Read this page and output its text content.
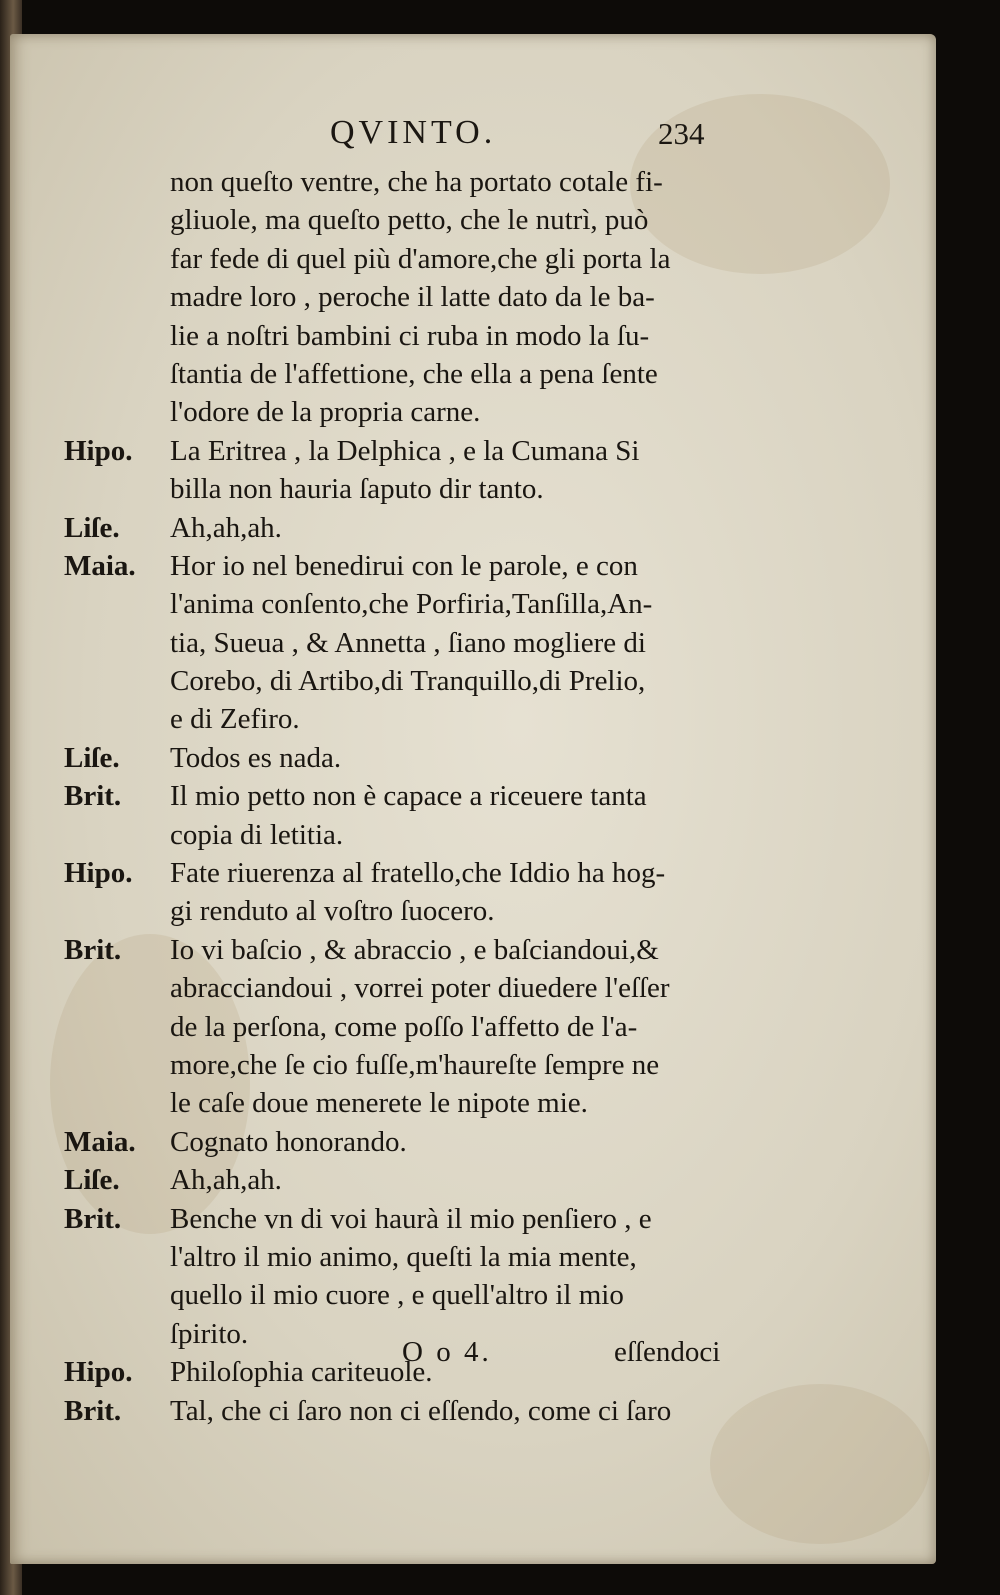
QVINTO.	234
non queſto ventre, che ha portato cotale fi-
gliuole, ma queſto petto, che le nutrì, può
far fede di quel più d'amore,che gli porta la
madre loro , peroche il latte dato da le ba-
lie a noſtri bambini ci ruba in modo la ſu-
ſtantia de l'affettione, che ella a pena ſente
l'odore de la propria carne.
Hipo.	La Eritrea , la Delphica , e la Cumana Si
billa non hauria ſaputo dir tanto.
Liſe.	Ah,ah,ah.
Maia.	Hor io nel benedirui con le parole, e con
l'anima conſento,che Porfiria,Tanſilla,An-
tia, Sueua , & Annetta , ſiano mogliere di
Corebo, di Artibo,di Tranquillo,di Prelio,
e di Zefiro.
Liſe.	Todos es nada.
Brit.	Il mio petto non è capace a riceuere tanta
copia di letitia.
Hipo.	Fate riuerenza al fratello,che Iddio ha hog-
gi renduto al voſtro ſuocero.
Brit.	Io vi baſcio , & abraccio , e baſciandoui,&
abracciandoui , vorrei poter diuedere l'eſſer
de la perſona, come poſſo l'affetto de l'a-
more,che ſe cio fuſſe,m'haureſte ſempre ne
le caſe doue menerete le nipote mie.
Maia.	Cognato honorando.
Liſe.	Ah,ah,ah.
Brit.	Benche vn di voi haurà il mio penſiero , e
l'altro il mio animo, queſti la mia mente,
quello il mio cuore , e quell'altro il mio
ſpirito.
Hipo.	Philoſophia cariteuole.
Brit.	Tal, che ci ſaro non ci eſſendo, come ci ſaro
O o 4.	eſſendoci
